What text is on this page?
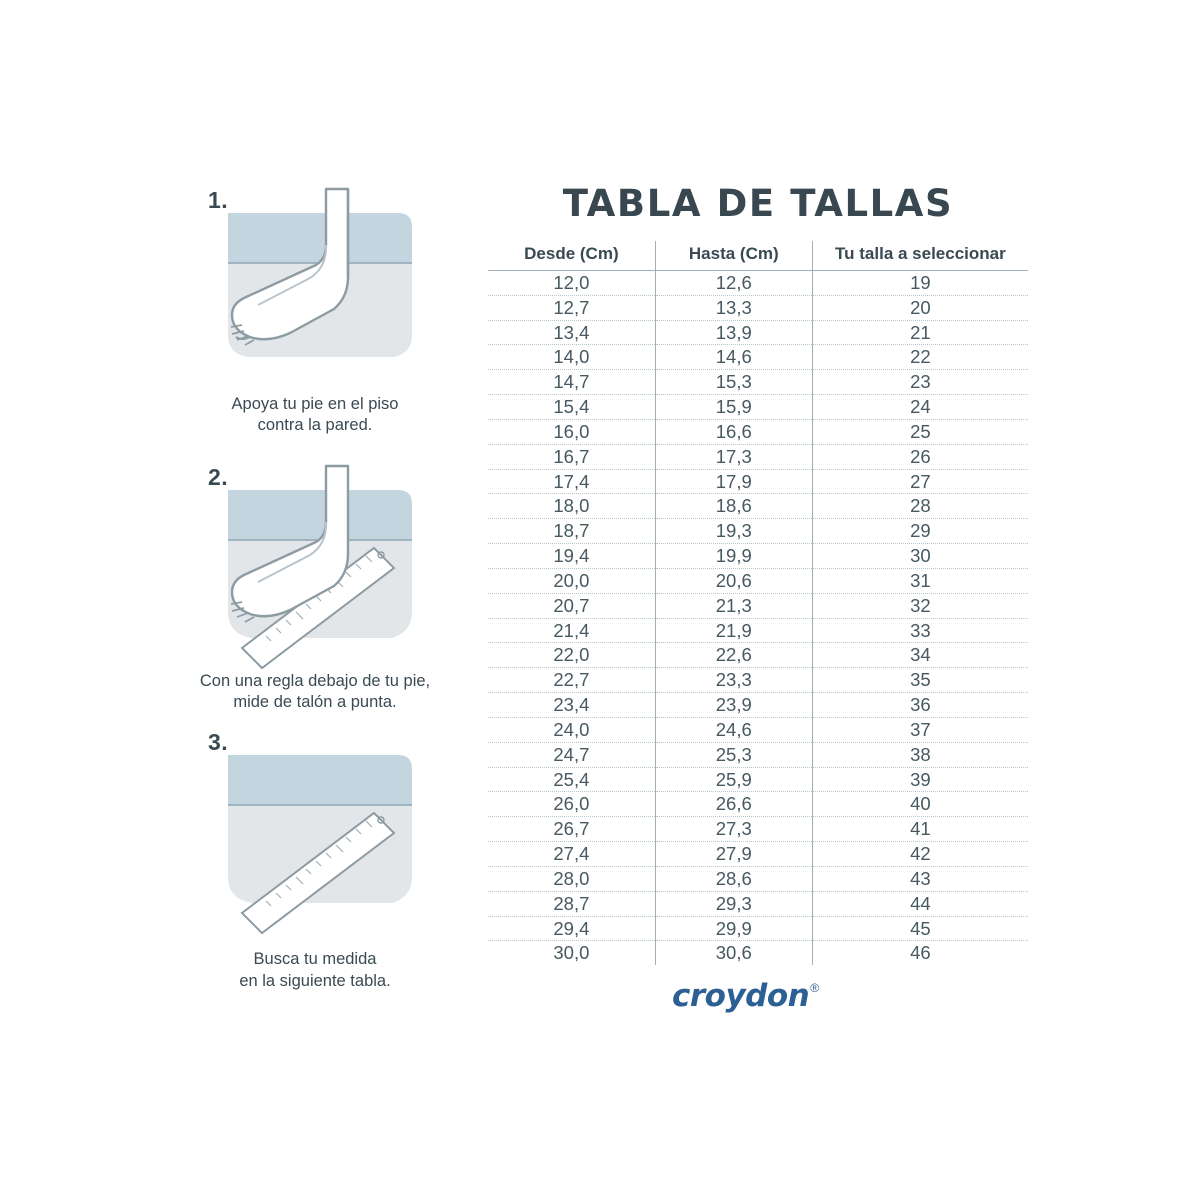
1.
Apoya tu pie en el piso
contra la pared.
2.
Con una regla debajo de tu pie,
mide de talón a punta.
3.
Busca tu medida
en la siguiente tabla.
TABLA DE TALLAS
Desde (Cm)	Hasta (Cm)	Tu talla a seleccionar
12,0	12,6	19
12,7	13,3	20
13,4	13,9	21
14,0	14,6	22
14,7	15,3	23
15,4	15,9	24
16,0	16,6	25
16,7	17,3	26
17,4	17,9	27
18,0	18,6	28
18,7	19,3	29
19,4	19,9	30
20,0	20,6	31
20,7	21,3	32
21,4	21,9	33
22,0	22,6	34
22,7	23,3	35
23,4	23,9	36
24,0	24,6	37
24,7	25,3	38
25,4	25,9	39
26,0	26,6	40
26,7	27,3	41
27,4	27,9	42
28,0	28,6	43
28,7	29,3	44
29,4	29,9	45
30,0	30,6	46
croydon ®
